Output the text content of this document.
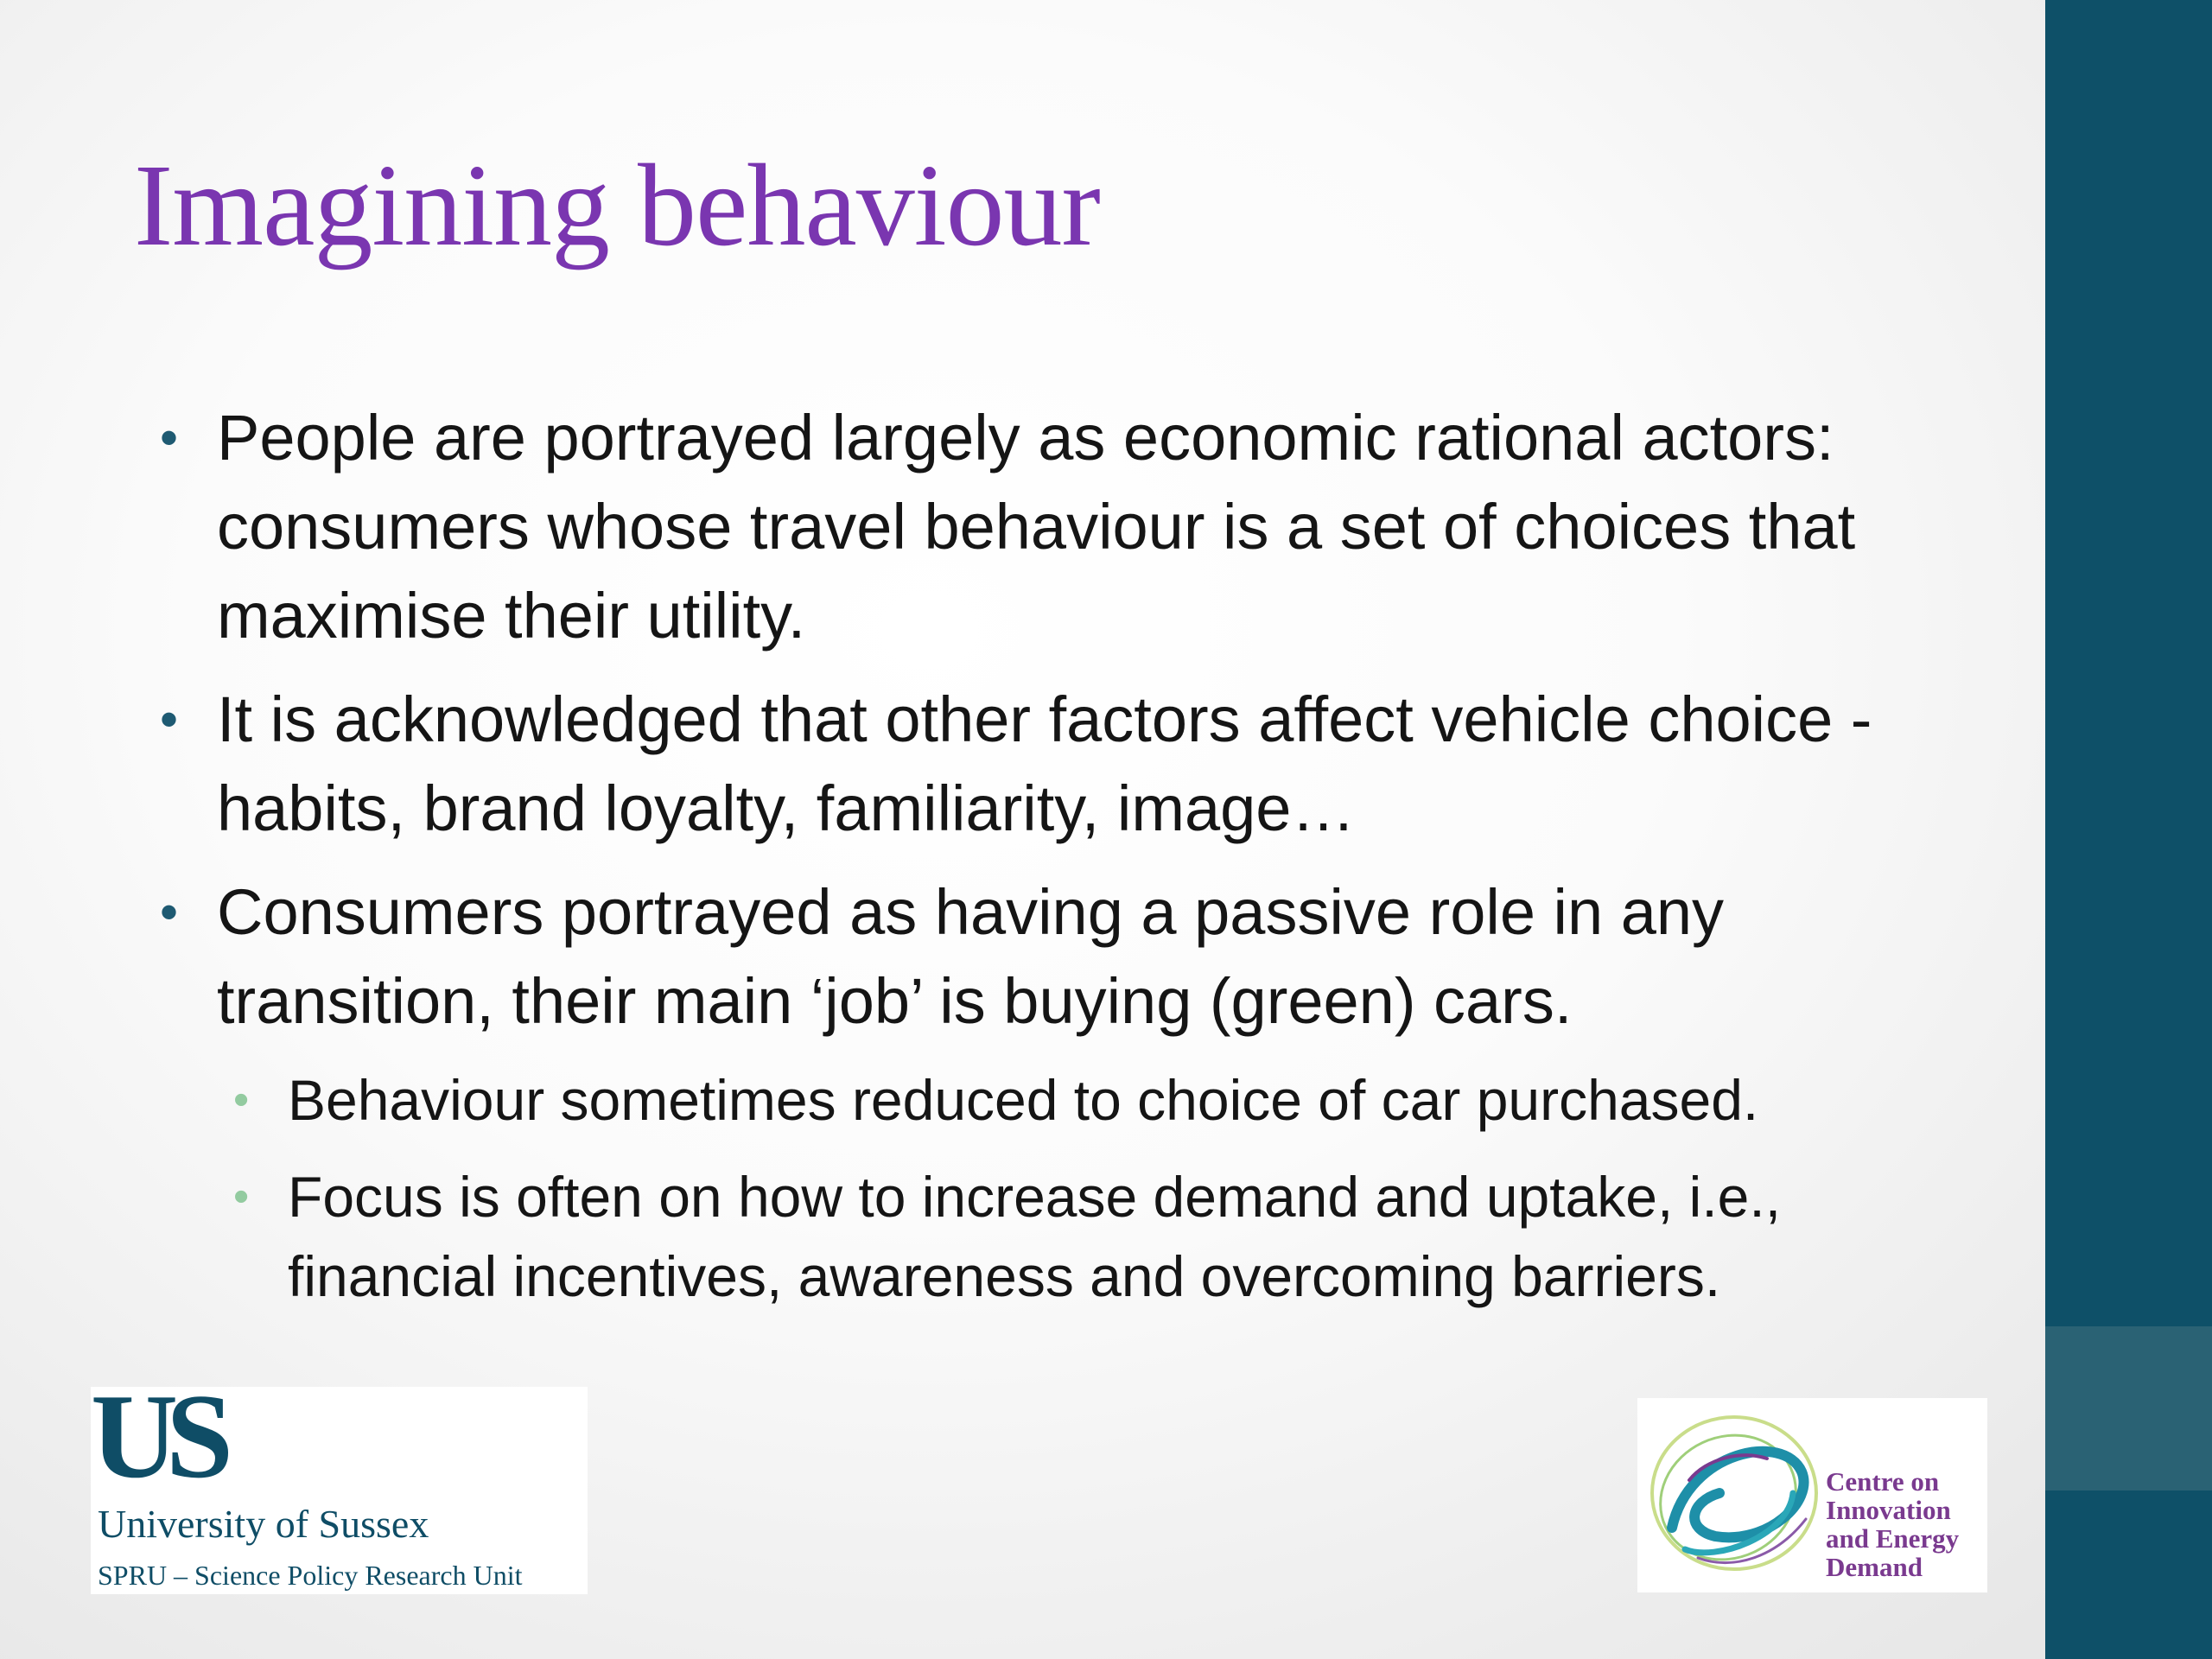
Imagining behaviour
• People are portrayed largely as economic rational actors: consumers whose travel behaviour is a set of choices that maximise their utility.
• It is acknowledged that other factors affect vehicle choice - habits, brand loyalty, familiarity, image…
• Consumers portrayed as having a passive role in any transition, their main ‘job’ is buying (green) cars.
• Behaviour sometimes reduced to choice of car purchased.
• Focus is often on how to increase demand and uptake, i.e., financial incentives, awareness and overcoming barriers.
US
University of Sussex
SPRU – Science Policy Research Unit
Centre on
Innovation
and Energy
Demand
